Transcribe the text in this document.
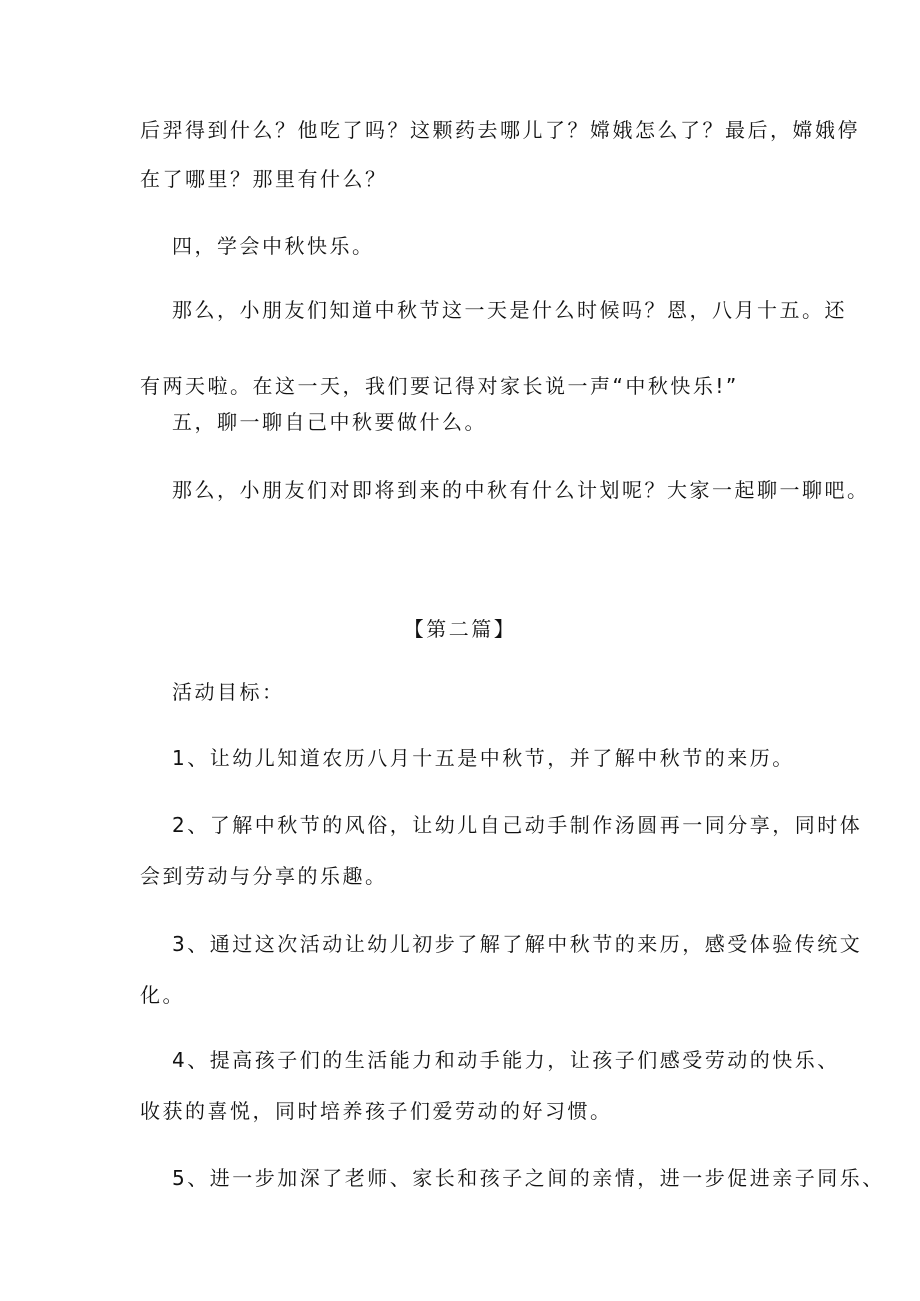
后羿得到什么？他吃了吗？这颗药去哪儿了？嫦娥怎么了？最后，嫦娥停
在了哪里？那里有什么？
四，学会中秋快乐。
那么，小朋友们知道中秋节这一天是什么时候吗？恩，八月十五。还
有两天啦。在这一天，我们要记得对家长说一声“中秋快乐!”
五，聊一聊自己中秋要做什么。
那么，小朋友们对即将到来的中秋有什么计划呢？大家一起聊一聊吧。
【第二篇】
活动目标：
1、让幼儿知道农历八月十五是中秋节，并了解中秋节的来历。
2、了解中秋节的风俗，让幼儿自己动手制作汤圆再一同分享，同时体
会到劳动与分享的乐趣。
3、通过这次活动让幼儿初步了解了解中秋节的来历，感受体验传统文
化。
4、提高孩子们的生活能力和动手能力，让孩子们感受劳动的快乐、
收获的喜悦，同时培养孩子们爱劳动的好习惯。
5、进一步加深了老师、家长和孩子之间的亲情，进一步促进亲子同乐、
